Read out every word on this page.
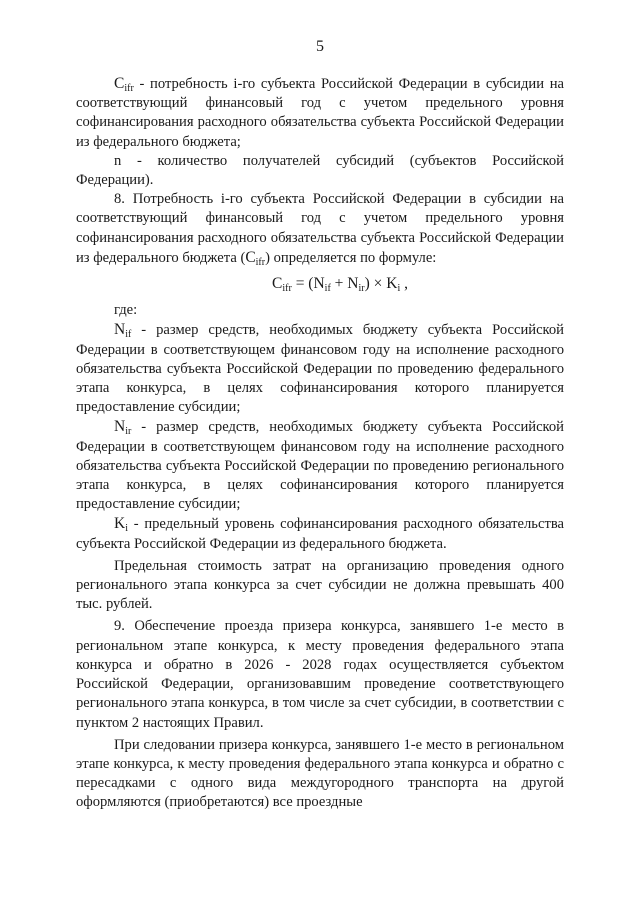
5

$C_{ifr}$ - потребность i-го субъекта Российской Федерации в субсидии на соответствующий финансовый год с учетом предельного уровня софинансирования расходного обязательства субъекта Российской Федерации из федерального бюджета;

n - количество получателей субсидий (субъектов Российской Федерации).

8. Потребность i-го субъекта Российской Федерации в субсидии на соответствующий финансовый год с учетом предельного уровня софинансирования расходного обязательства субъекта Российской Федерации из федерального бюджета $(C_{ifr})$ определяется по формуле:

$C_{ifr} = (N_{if} + N_{ir}) \times K_i$ ,

где:

$N_{if}$ - размер средств, необходимых бюджету субъекта Российской Федерации в соответствующем финансовом году на исполнение расходного обязательства субъекта Российской Федерации по проведению федерального этапа конкурса, в целях софинансирования которого планируется предоставление субсидии;

$N_{ir}$ - размер средств, необходимых бюджету субъекта Российской Федерации в соответствующем финансовом году на исполнение расходного обязательства субъекта Российской Федерации по проведению регионального этапа конкурса, в целях софинансирования которого планируется предоставление субсидии;

$K_i$ - предельный уровень софинансирования расходного обязательства субъекта Российской Федерации из федерального бюджета.

Предельная стоимость затрат на организацию проведения одного регионального этапа конкурса за счет субсидии не должна превышать 400 тыс. рублей.

9. Обеспечение проезда призера конкурса, занявшего 1-е место в региональном этапе конкурса, к месту проведения федерального этапа конкурса и обратно в 2026 - 2028 годах осуществляется субъектом Российской Федерации, организовавшим проведение соответствующего регионального этапа конкурса, в том числе за счет субсидии, в соответствии с пунктом 2 настоящих Правил.

При следовании призера конкурса, занявшего 1-е место в региональном этапе конкурса, к месту проведения федерального этапа конкурса и обратно с пересадками с одного вида междугородного транспорта на другой оформляются (приобретаются) все проездные
